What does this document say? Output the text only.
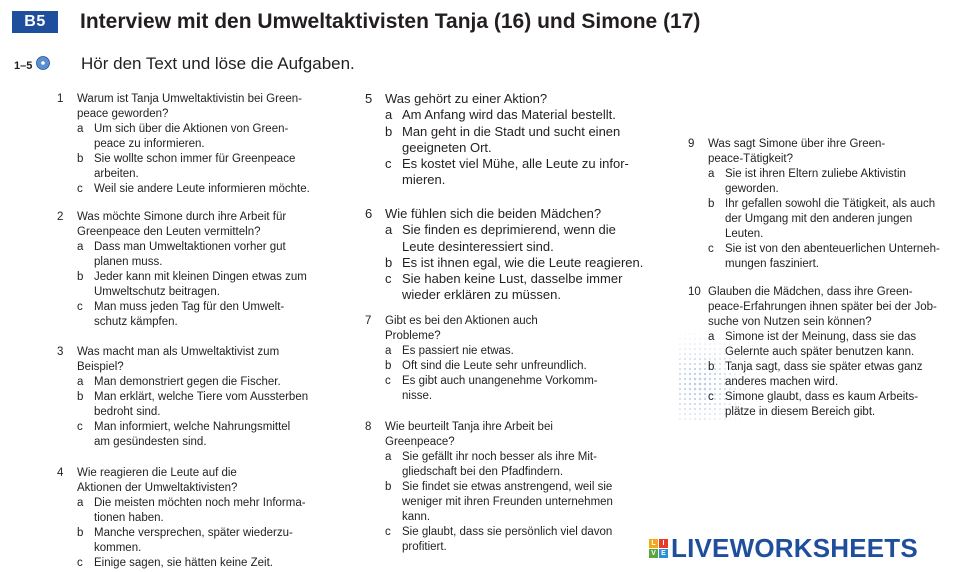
B5	Interview mit den Umweltaktivisten Tanja (16) und Simone (17)
1–5	Hör den Text und löse die Aufgaben.
1 Warum ist Tanja Umweltaktivistin bei Green-
peace geworden?
a Um sich über die Aktionen von Green-
peace zu informieren.
b Sie wollte schon immer für Greenpeace
arbeiten.
c Weil sie andere Leute informieren möchte.
2 Was möchte Simone durch ihre Arbeit für
Greenpeace den Leuten vermitteln?
a Dass man Umweltaktionen vorher gut
planen muss.
b Jeder kann mit kleinen Dingen etwas zum
Umweltschutz beitragen.
c Man muss jeden Tag für den Umwelt-
schutz kämpfen.
3 Was macht man als Umweltaktivist zum
Beispiel?
a Man demonstriert gegen die Fischer.
b Man erklärt, welche Tiere vom Aussterben
bedroht sind.
c Man informiert, welche Nahrungsmittel
am gesündesten sind.
4 Wie reagieren die Leute auf die
Aktionen der Umweltaktivisten?
a Die meisten möchten noch mehr Informa-
tionen haben.
b Manche versprechen, später wiederzu-
kommen.
c Einige sagen, sie hätten keine Zeit.
5 Was gehört zu einer Aktion?
a Am Anfang wird das Material bestellt.
b Man geht in die Stadt und sucht einen
geeigneten Ort.
c Es kostet viel Mühe, alle Leute zu infor-
mieren.
6 Wie fühlen sich die beiden Mädchen?
a Sie finden es deprimierend, wenn die
Leute desinteressiert sind.
b Es ist ihnen egal, wie die Leute reagieren.
c Sie haben keine Lust, dasselbe immer
wieder erklären zu müssen.
7 Gibt es bei den Aktionen auch
Probleme?
a Es passiert nie etwas.
b Oft sind die Leute sehr unfreundlich.
c Es gibt auch unangenehme Vorkomm-
nisse.
8 Wie beurteilt Tanja ihre Arbeit bei
Greenpeace?
a Sie gefällt ihr noch besser als ihre Mit-
gliedschaft bei den Pfadfindern.
b Sie findet sie etwas anstrengend, weil sie
weniger mit ihren Freunden unternehmen
kann.
c Sie glaubt, dass sie persönlich viel davon
profitiert.
9 Was sagt Simone über ihre Green-
peace-Tätigkeit?
a Sie ist ihren Eltern zuliebe Aktivistin
geworden.
b Ihr gefallen sowohl die Tätigkeit, als auch
der Umgang mit den anderen jungen
Leuten.
c Sie ist von den abenteuerlichen Unterneh-
mungen fasziniert.
10 Glauben die Mädchen, dass ihre Green-
peace-Erfahrungen ihnen später bei der Job-
suche von Nutzen sein können?
a Simone ist der Meinung, dass sie das
Gelernte auch später benutzen kann.
b Tanja sagt, dass sie später etwas ganz
anderes machen wird.
c Simone glaubt, dass es kaum Arbeits-
plätze in diesem Bereich gibt.
L I
V E LIVEWORKSHEETS
